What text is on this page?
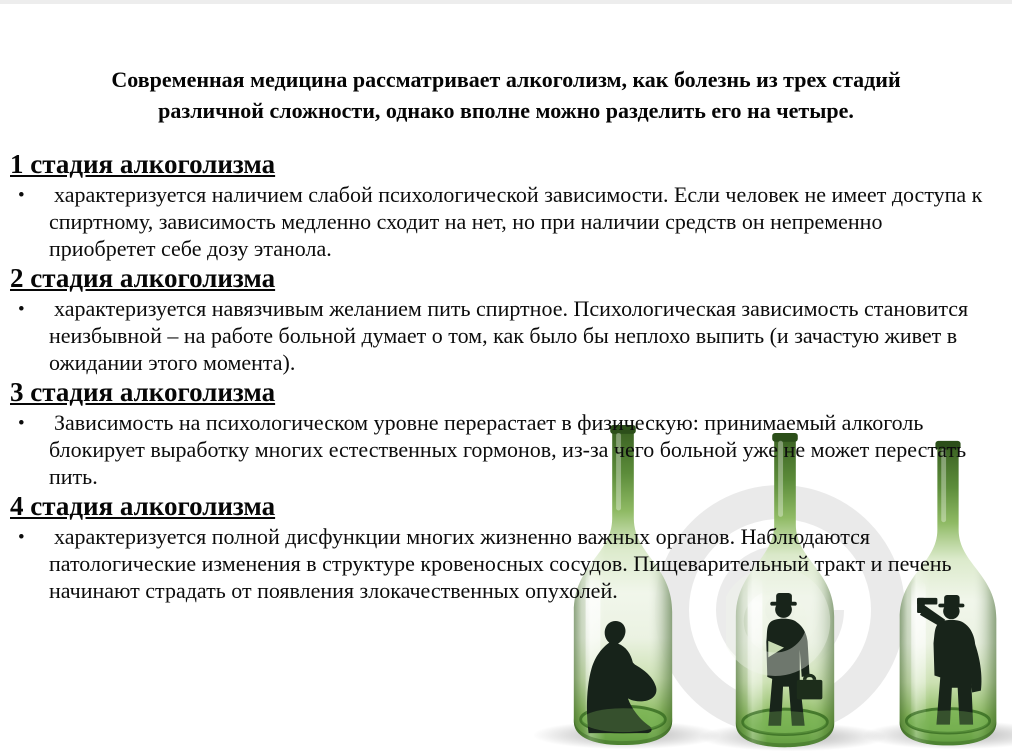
Современная медицина рассматривает алкоголизм, как болезнь из трех стадий различной сложности, однако вполне можно разделить его на четыре.
1 стадия алкоголизма
• характеризуется наличием слабой психологической зависимости. Если человек не имеет доступа к спиртному, зависимость медленно сходит на нет, но при наличии средств он непременно приобретет себе дозу этанола.
2 стадия алкоголизма
• характеризуется навязчивым желанием пить спиртное. Психологическая зависимость становится неизбывной – на работе больной думает о том, как было бы неплохо выпить (и зачастую живет в ожидании этого момента).
3 стадия алкоголизма
• Зависимость на психологическом уровне перерастает в физическую: принимаемый алкоголь блокирует выработку многих естественных гормонов, из-за чего больной уже не может перестать пить.
4 стадия алкоголизма
• характеризуется полной дисфункции многих жизненно важных органов. Наблюдаются патологические изменения в структуре кровеносных сосудов. Пищеварительный тракт и печень начинают страдать от появления злокачественных опухолей.
